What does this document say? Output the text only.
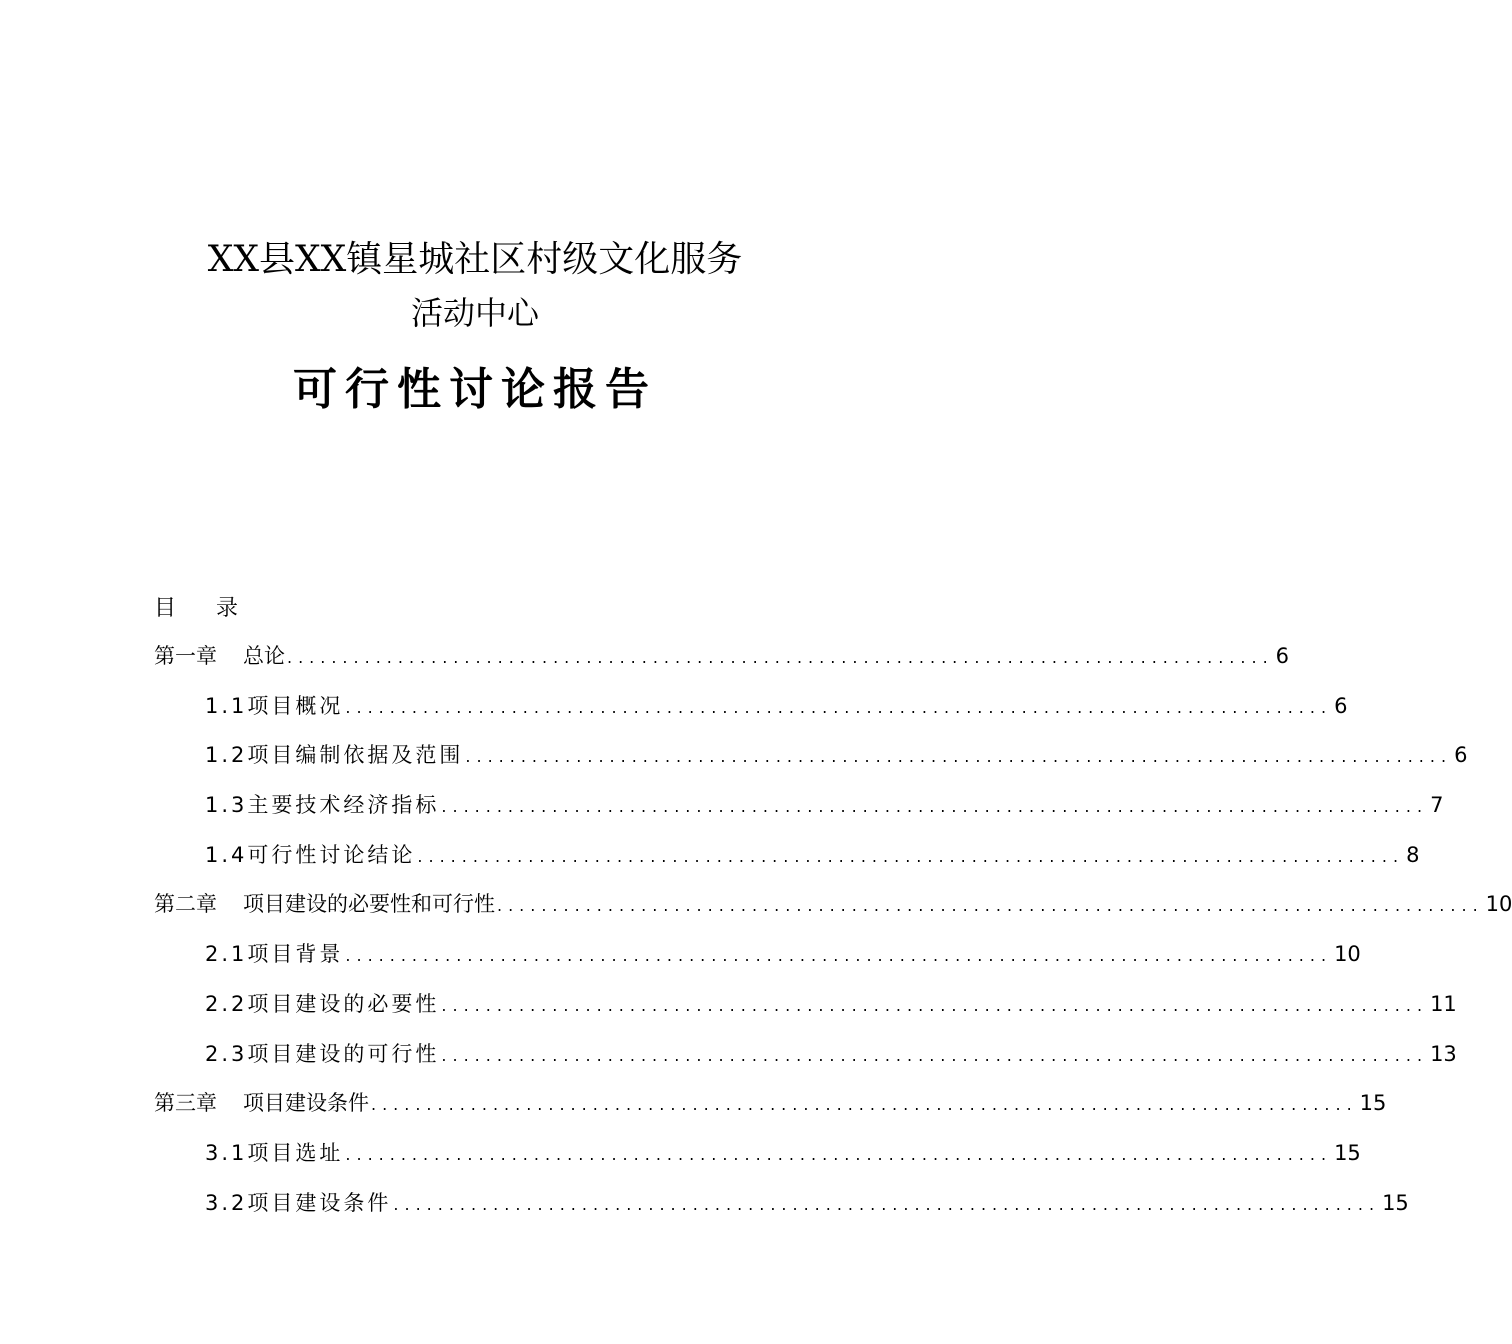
XX县XX镇星城社区村级文化服务
活动中心
可行性讨论报告
目 录
第一章 总论 ......................................................................................... 6
1.1项目概况 ......................................................................................... 6
1.2项目编制依据及范围 ......................................................................................... 6
1.3主要技术经济指标 ......................................................................................... 7
1.4可行性讨论结论 ......................................................................................... 8
第二章 项目建设的必要性和可行性 ......................................................................................... 10
2.1项目背景 ......................................................................................... 10
2.2项目建设的必要性 ......................................................................................... 11
2.3项目建设的可行性 ......................................................................................... 13
第三章 项目建设条件 ......................................................................................... 15
3.1项目选址 ......................................................................................... 15
3.2项目建设条件 ......................................................................................... 15
